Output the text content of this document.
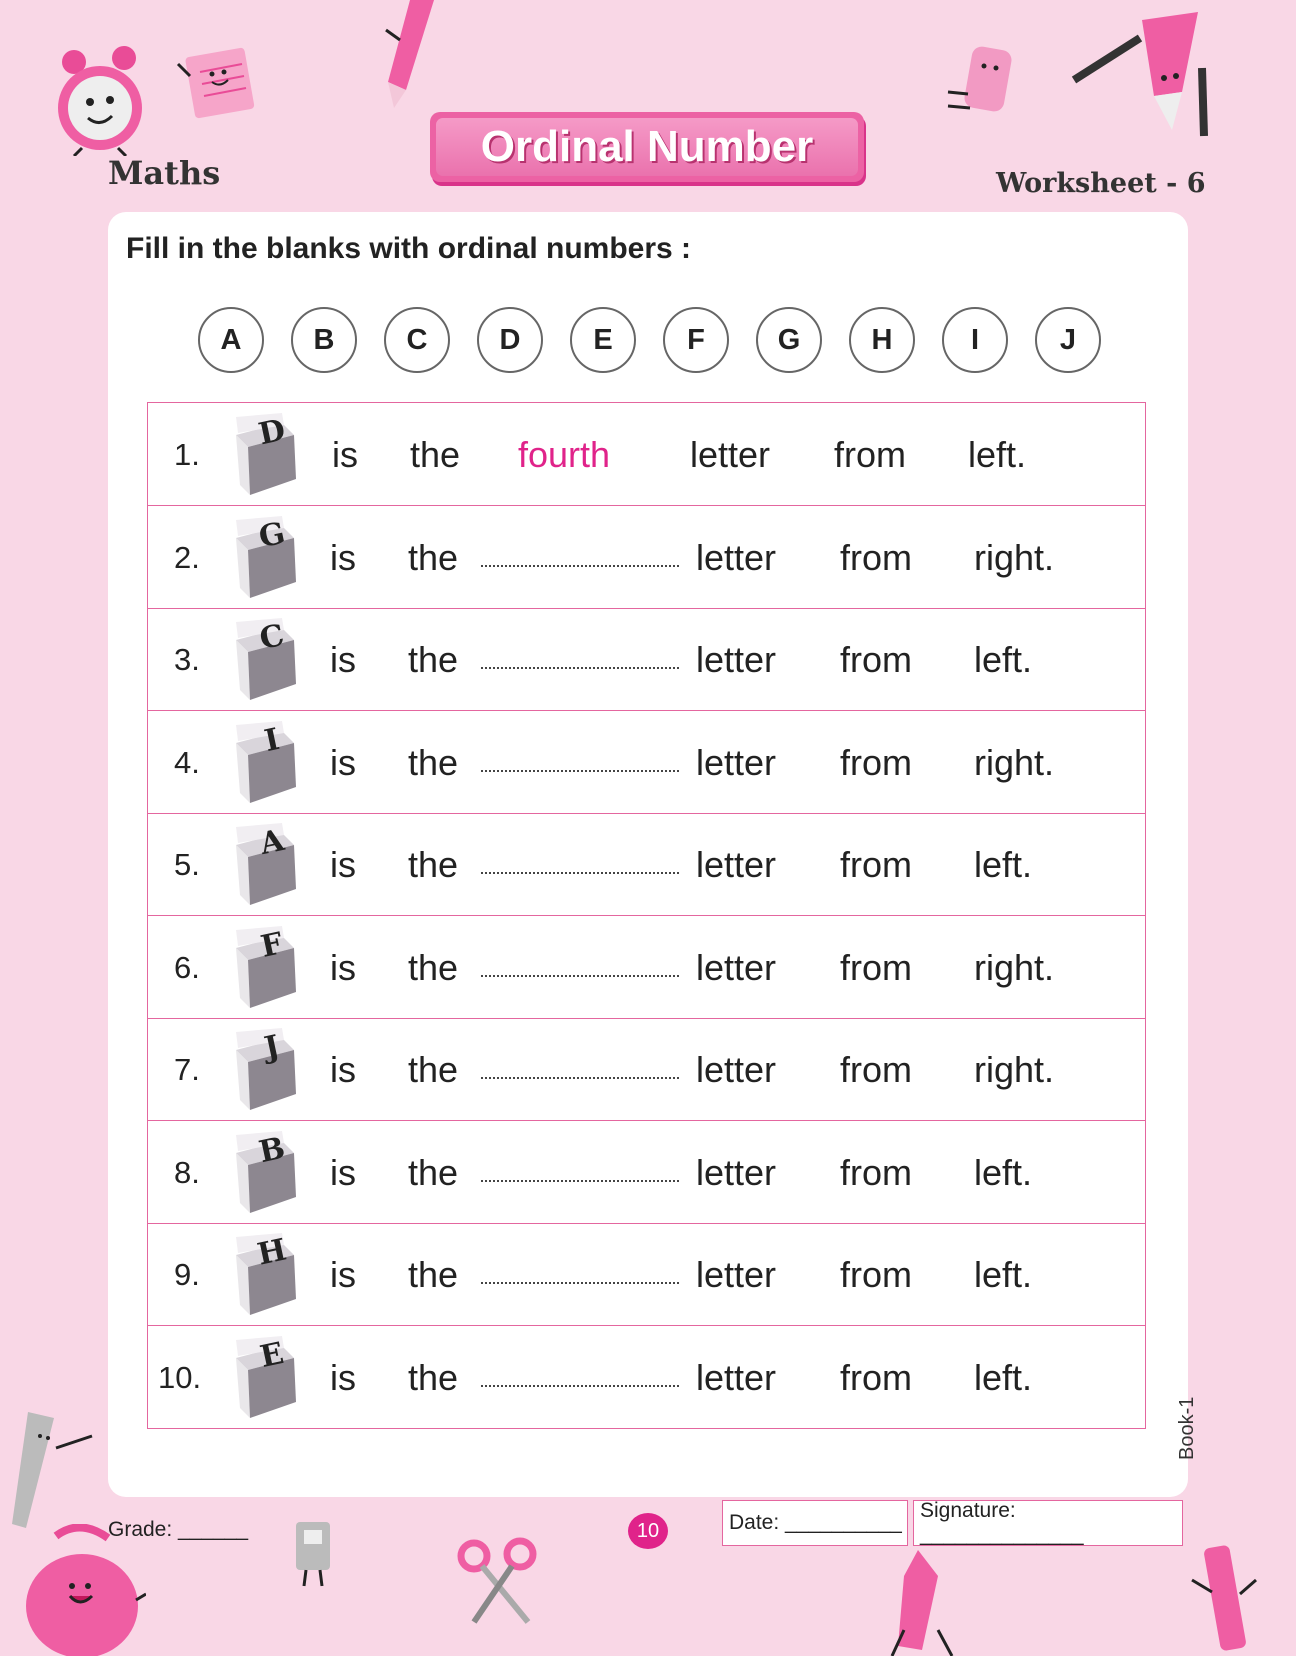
Maths
Ordinal Number
Worksheet - 6
Fill in the blanks with ordinal numbers :
A	B	C	D	E	F	G	H	I	J
1.
D
is the fourth letter from left.
2.
G
is the	letter from right.
3.
C
is the	letter from left.
4.
I
is the	letter from right.
5.
A
is the	letter from left.
6.
F
is the	letter from right.
7.
J
is the	letter from right.
8.
B
is the	letter from left.
9.
H
is the	letter from left.
10.
E
is the	letter from left.
Grade: ______	10	Date: __________
Signature: ______________
Book-1
